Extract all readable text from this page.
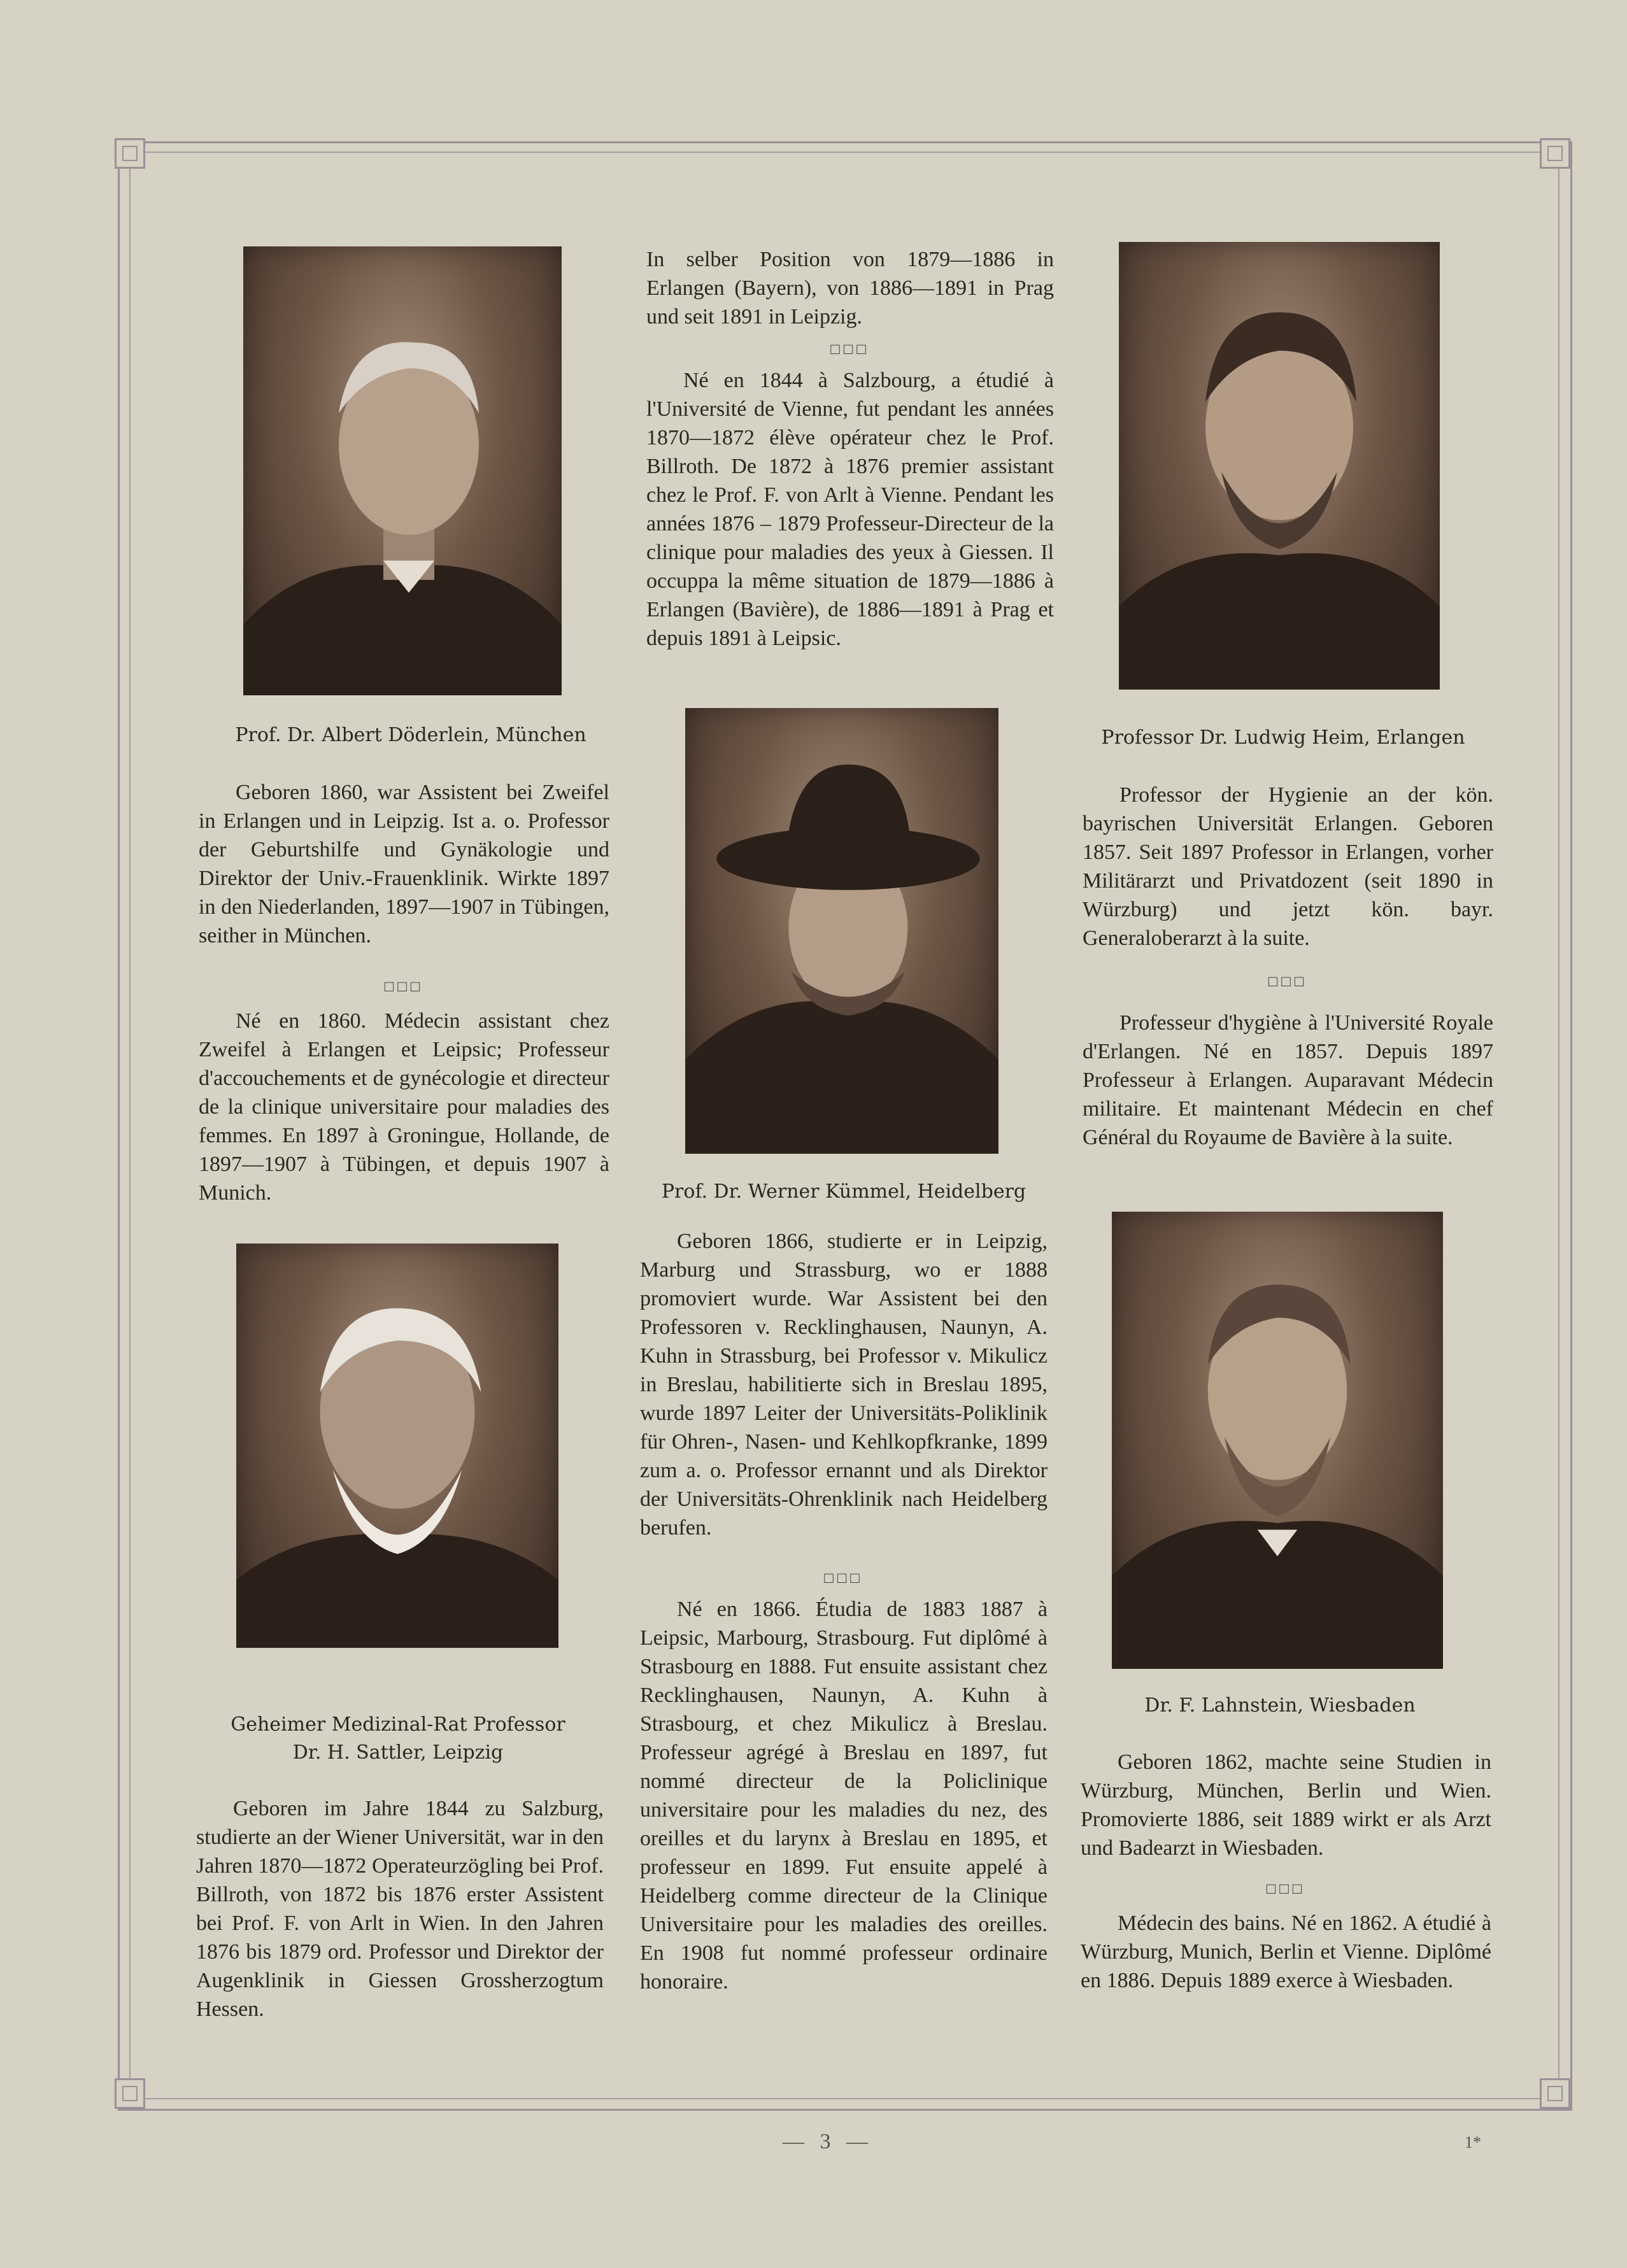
Prof. Dr. Albert Döderlein, München

Geboren 1860, war Assistent bei Zweifel in Erlangen und in Leipzig. Ist a. o. Professor der Geburtshilfe und Gynäkologie und Direktor der Univ.-Frauenklinik. Wirkte 1897 in den Niederlanden, 1897—1907 in Tübingen, seither in München.

□□□

Né en 1860. Médecin assistant chez Zweifel à Erlangen et Leipsic; Professeur d'accouchements et de gynécologie et directeur de la clinique universitaire pour maladies des femmes. En 1897 à Groningue, Hollande, de 1897—1907 à Tübingen, et depuis 1907 à Munich.

Geheimer Medizinal-Rat Professor
Dr. H. Sattler, Leipzig

Geboren im Jahre 1844 zu Salzburg, studierte an der Wiener Universität, war in den Jahren 1870—1872 Operateurzögling bei Prof. Billroth, von 1872 bis 1876 erster Assistent bei Prof. F. von Arlt in Wien. In den Jahren 1876 bis 1879 ord. Professor und Direktor der Augenklinik in Giessen Grossherzogtum Hessen.

In selber Position von 1879—1886 in Erlangen (Bayern), von 1886—1891 in Prag und seit 1891 in Leipzig.

□□□

Né en 1844 à Salzbourg, a étudié à l'Université de Vienne, fut pendant les années 1870—1872 élève opérateur chez le Prof. Billroth. De 1872 à 1876 premier assistant chez le Prof. F. von Arlt à Vienne. Pendant les années 1876 – 1879 Professeur-Directeur de la clinique pour maladies des yeux à Giessen. Il occuppa la même situation de 1879—1886 à Erlangen (Bavière), de 1886—1891 à Prag et depuis 1891 à Leipsic.

Prof. Dr. Werner Kümmel, Heidelberg

Geboren 1866, studierte er in Leipzig, Marburg und Strassburg, wo er 1888 promoviert wurde. War Assistent bei den Professoren v. Recklinghausen, Naunyn, A. Kuhn in Strassburg, bei Professor v. Mikulicz in Breslau, habilitierte sich in Breslau 1895, wurde 1897 Leiter der Universitäts-Poliklinik für Ohren-, Nasen- und Kehlkopfkranke, 1899 zum a. o. Professor ernannt und als Direktor der Universitäts-Ohrenklinik nach Heidelberg berufen.

□□□

Né en 1866. Étudia de 1883 1887 à Leipsic, Marbourg, Strasbourg. Fut diplômé à Strasbourg en 1888. Fut ensuite assistant chez Recklinghausen, Naunyn, A. Kuhn à Strasbourg, et chez Mikulicz à Breslau. Professeur agrégé à Breslau en 1897, fut nommé directeur de la Policlinique universitaire pour les maladies du nez, des oreilles et du larynx à Breslau en 1895, et professeur en 1899. Fut ensuite appelé à Heidelberg comme directeur de la Clinique Universitaire pour les maladies des oreilles. En 1908 fut nommé professeur ordinaire honoraire.

Professor Dr. Ludwig Heim, Erlangen

Professor der Hygienie an der kön. bayrischen Universität Erlangen. Geboren 1857. Seit 1897 Professor in Erlangen, vorher Militärarzt und Privatdozent (seit 1890 in Würzburg) und jetzt kön. bayr. Generaloberarzt à la suite.

□□□

Professeur d'hygiène à l'Université Royale d'Erlangen. Né en 1857. Depuis 1897 Professeur à Erlangen. Auparavant Médecin militaire. Et maintenant Médecin en chef Général du Royaume de Bavière à la suite.

Dr. F. Lahnstein, Wiesbaden

Geboren 1862, machte seine Studien in Würzburg, München, Berlin und Wien. Promovierte 1886, seit 1889 wirkt er als Arzt und Badearzt in Wiesbaden.

□□□

Médecin des bains. Né en 1862. A étudié à Würzburg, Munich, Berlin et Vienne. Diplômé en 1886. Depuis 1889 exerce à Wiesbaden.

— 3 —	1*
